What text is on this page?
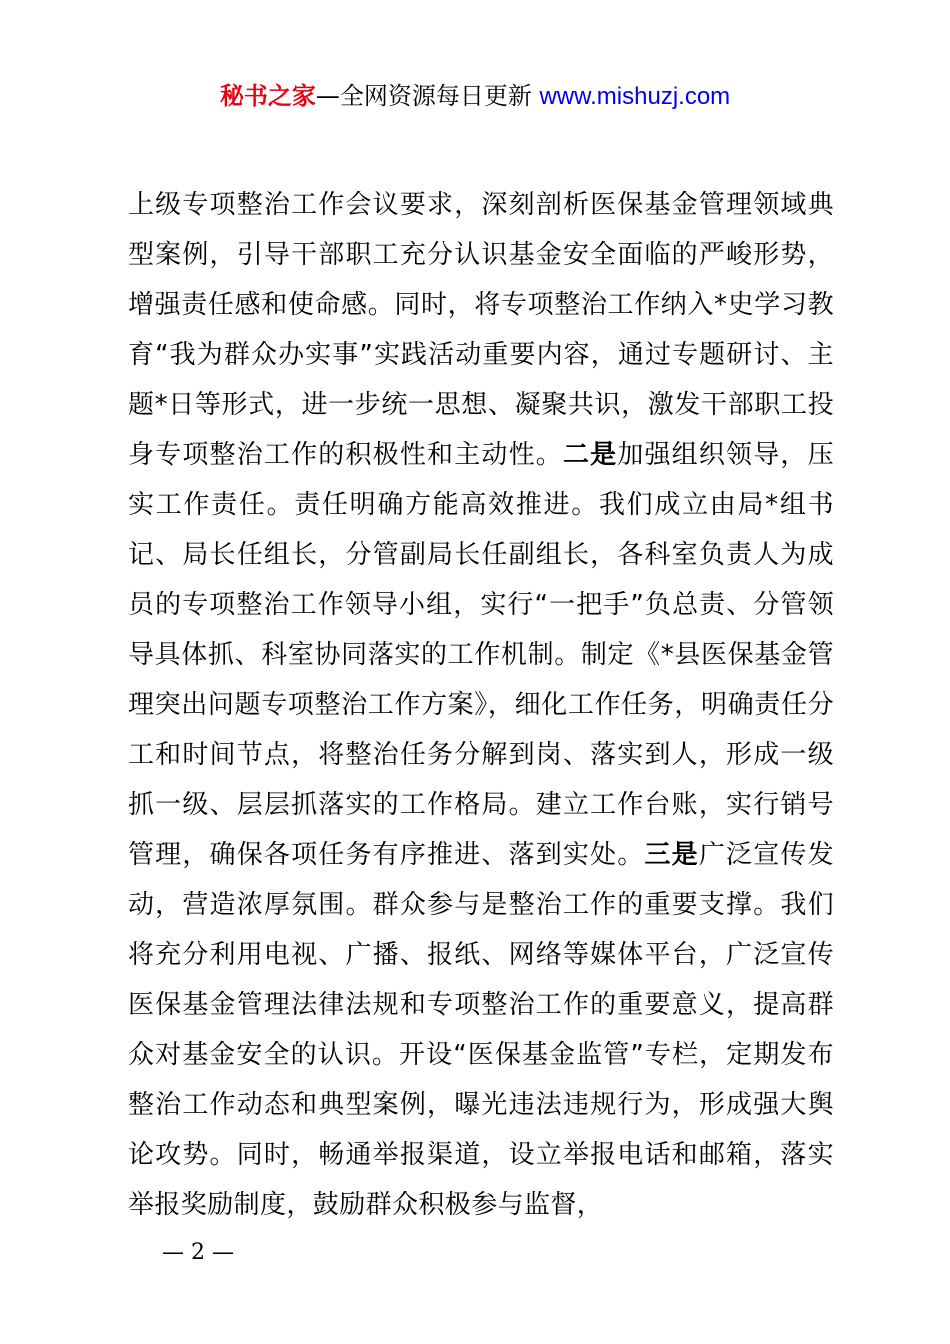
秘书之家—全网资源每日更新 www.mishuzj.com

上级专项整治工作会议要求，深刻剖析医保基金管理领域典型案例，引导干部职工充分认识基金安全面临的严峻形势，增强责任感和使命感。同时，将专项整治工作纳入*史学习教育“我为群众办实事”实践活动重要内容，通过专题研讨、主题*日等形式，进一步统一思想、凝聚共识，激发干部职工投身专项整治工作的积极性和主动性。二是加强组织领导，压实工作责任。责任明确方能高效推进。我们成立由局*组书记、局长任组长，分管副局长任副组长，各科室负责人为成员的专项整治工作领导小组，实行“一把手”负总责、分管领导具体抓、科室协同落实的工作机制。制定《*县医保基金管理突出问题专项整治工作方案》，细化工作任务，明确责任分工和时间节点，将整治任务分解到岗、落实到人，形成一级抓一级、层层抓落实的工作格局。建立工作台账，实行销号管理，确保各项任务有序推进、落到实处。三是广泛宣传发动，营造浓厚氛围。群众参与是整治工作的重要支撑。我们将充分利用电视、广播、报纸、网络等媒体平台，广泛宣传医保基金管理法律法规和专项整治工作的重要意义，提高群众对基金安全的认识。开设“医保基金监管”专栏，定期发布整治工作动态和典型案例，曝光违法违规行为，形成强大舆论攻势。同时，畅通举报渠道，设立举报电话和邮箱，落实举报奖励制度，鼓励群众积极参与监督，

— 2 —
